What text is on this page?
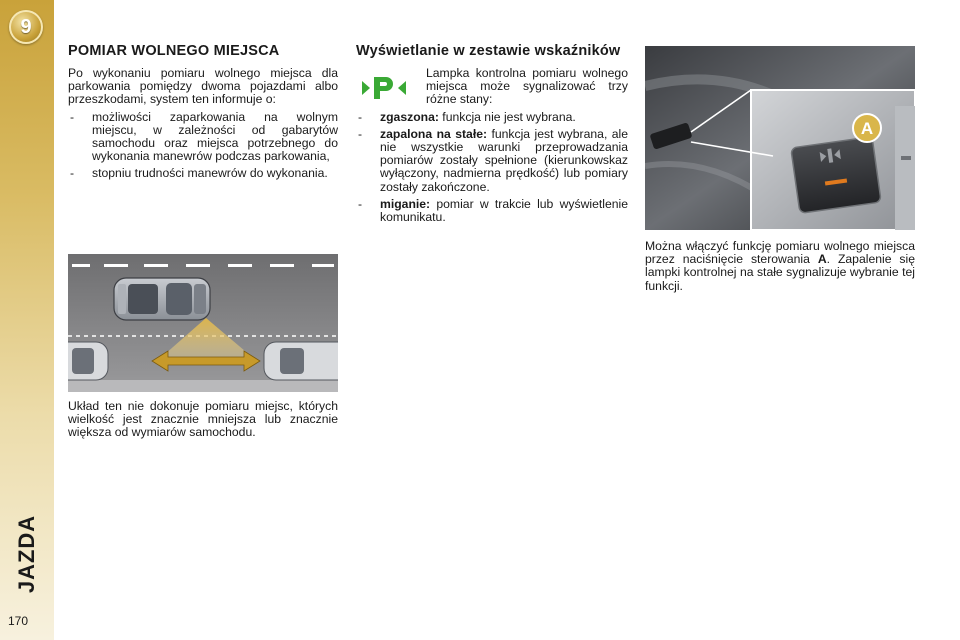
9
JAZDA
170
POMIAR WOLNEGO MIEJSCA

Po wykonaniu pomiaru wolnego miejsca dla parkowania pomiędzy dwoma pojazdami albo przeszkodami, system ten informuje o:

- możliwości zaparkowania na wolnym miejscu, w zależności od gabarytów samochodu oraz miejsca potrzebnego do wykonania manewrów podczas parkowania,
- stopniu trudności manewrów do wykonania.

Układ ten nie dokonuje pomiaru miejsc, których wielkość jest znacznie mniejsza lub znacznie większa od wymiarów samochodu.

Wyświetlanie w zestawie wskaźników

Lampka kontrolna pomiaru wolnego miejsca może sygnalizować trzy różne stany:

- zgaszona: funkcja nie jest wybrana.
- zapalona na stałe: funkcja jest wybrana, ale nie wszystkie warunki przeprowadzania pomiarów zostały spełnione (kierunkowskaz wyłączony, nadmierna prędkość) lub pomiary zostały zakończone.
- miganie: pomiar w trakcie lub wyświetlenie komunikatu.
A

Można włączyć funkcję pomiaru wolnego miejsca przez naciśnięcie sterowania A. Zapalenie się lampki kontrolnej na stałe sygnalizuje wybranie tej funkcji.
